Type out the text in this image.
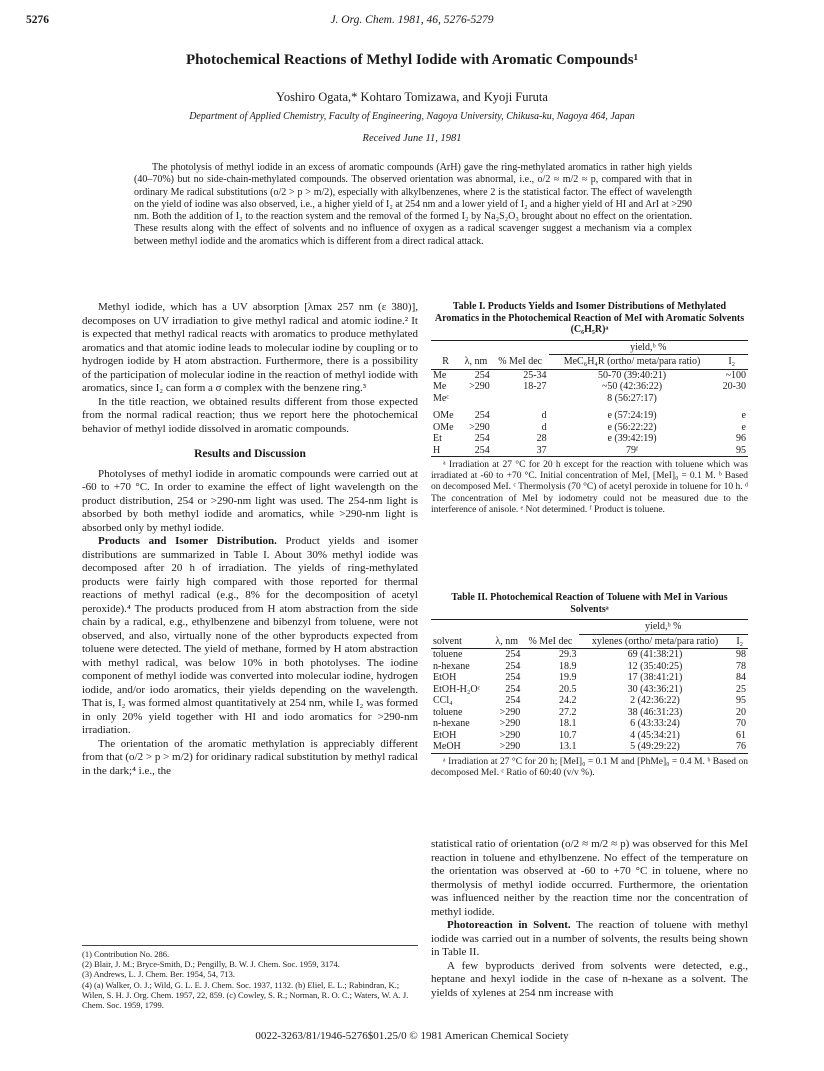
5276	J. Org. Chem. 1981, 46, 5276-5279
Photochemical Reactions of Methyl Iodide with Aromatic Compounds¹
Yoshiro Ogata,* Kohtaro Tomizawa, and Kyoji Furuta
Department of Applied Chemistry, Faculty of Engineering, Nagoya University, Chikusa-ku, Nagoya 464, Japan
Received June 11, 1981
The photolysis of methyl iodide in an excess of aromatic compounds (ArH) gave the ring-methylated aromatics in rather high yields (40–70%) but no side-chain-methylated compounds. The observed orientation was abnormal, i.e., o/2 ≈ m/2 ≈ p, compared with that in ordinary Me radical substitutions (o/2 > p > m/2), especially with alkylbenzenes, where 2 is the statistical factor. The effect of wavelength on the yield of iodine was also observed, i.e., a higher yield of I₂ at 254 nm and a lower yield of I₂ and a higher yield of HI and ArI at >290 nm. Both the addition of I₂ to the reaction system and the removal of the formed I₂ by Na₂S₂O₃ brought about no effect on the orientation. These results along with the effect of solvents and no influence of oxygen as a radical scavenger suggest a mechanism via a complex between methyl iodide and the aromatics which is different from a direct radical attack.

Methyl iodide, which has a UV absorption [λmax 257 nm (ε 380)], decomposes on UV irradiation to give methyl radical and atomic iodine.² It is expected that methyl radical reacts with aromatics to produce methylated aromatics and that atomic iodine leads to molecular iodine by coupling or to hydrogen iodide by H atom abstraction. Furthermore, there is a possibility of the participation of molecular iodine in the reaction of methyl iodide with aromatics, since I₂ can form a σ complex with the benzene ring.³

In the title reaction, we obtained results different from those expected from the normal radical reaction; thus we report here the photochemical behavior of methyl iodide dissolved in aromatic compounds.

Results and Discussion

Photolyses of methyl iodide in aromatic compounds were carried out at -60 to +70 °C. In order to examine the effect of light wavelength on the product distribution, 254 or >290-nm light was used. The 254-nm light is absorbed by both methyl iodide and aromatics, while >290-nm light is absorbed only by methyl iodide.

Products and Isomer Distribution. Product yields and isomer distributions are summarized in Table I. About 30% methyl iodide was decomposed after 20 h of irradiation. The yields of ring-methylated products were fairly high compared with those reported for thermal reactions of methyl radical (e.g., 8% for the decomposition of acetyl peroxide).⁴ The products produced from H atom abstraction from the side chain by a radical, e.g., ethylbenzene and bibenzyl from toluene, were not observed, and also, virtually none of the other byproducts expected from toluene were detected. The yield of methane, formed by H atom abstraction with methyl radical, was below 10% in both photolyses. The iodine component of methyl iodide was converted into molecular iodine, hydrogen iodide, and/or iodo aromatics, their yields depending on the wavelength. That is, I₂ was formed almost quantitatively at 254 nm, while I₂ was formed in only 20% yield together with HI and iodo aromatics for >290-nm irradiation.

The orientation of the aromatic methylation is appreciably different from that (o/2 > p > m/2) for oridinary radical substitution by methyl radical in the dark;⁴ i.e., the

(1) Contribution No. 286.
(2) Blair, J. M.; Bryce-Smith, D.; Pengilly, B. W. J. Chem. Soc. 1959, 3174.
(3) Andrews, L. J. Chem. Ber. 1954, 54, 713.
(4) (a) Walker, O. J.; Wild, G. L. E. J. Chem. Soc. 1937, 1132. (b) Eliel, E. L.; Rabindran, K.; Wilen, S. H. J. Org. Chem. 1957, 22, 859. (c) Cowley, S. R.; Norman, R. O. C.; Waters, W. A. J. Chem. Soc. 1959, 1799.
Table I. Products Yields and Isomer Distributions of Methylated Aromatics in the Photochemical Reaction of MeI with Aromatic Solvents (C₆H₅R)ᵃ
			yield,ᵇ %	
R	λ, nm	% MeI dec	MeC₆H₄R (ortho/ meta/para ratio)	I₂
Me	254	25-34	50-70 (39:40:21)	~100
Me	>290	18-27	~50 (42:36:22)	20-30
Meᶜ			8 (56:27:17)	
OMe	254	d	e (57:24:19)	e
OMe	>290	d	e (56:22:22)	e
Et	254	28	e (39:42:19)	96
H	254	37	79ᶠ	95
ᵃ Irradiation at 27 °C for 20 h except for the reaction with toluene which was irradiated at -60 to +70 °C. Initial concentration of MeI, [MeI]₀ = 0.1 M. ᵇ Based on decomposed MeI. ᶜ Thermolysis (70 °C) of acetyl peroxide in toluene for 10 h. ᵈ The concentration of MeI by iodometry could not be measured due to the interference of anisole. ᵉ Not determined. ᶠ Product is toluene.
Table II. Photochemical Reaction of Toluene with MeI in Various Solventsᵃ
			yield,ᵇ %	
solvent	λ, nm	% MeI dec	xylenes (ortho/ meta/para ratio)	I₂
toluene	254	29.3	69 (41:38:21)	98
n-hexane	254	18.9	12 (35:40:25)	78
EtOH	254	19.9	17 (38:41:21)	84
EtOH-H₂Oᶜ	254	20.5	30 (43:36:21)	25
CCl₄	254	24.2	2 (42:36:22)	95
toluene	>290	27.2	38 (46:31:23)	20
n-hexane	>290	18.1	6 (43:33:24)	70
EtOH	>290	10.7	4 (45:34:21)	61
MeOH	>290	13.1	5 (49:29:22)	76
ᵃ Irradiation at 27 °C for 20 h; [MeI]₀ = 0.1 M and [PhMe]₀ = 0.4 M. ᵇ Based on decomposed MeI. ᶜ Ratio of 60:40 (v/v %).

statistical ratio of orientation (o/2 ≈ m/2 ≈ p) was observed for this MeI reaction in toluene and ethylbenzene. No effect of the temperature on the orientation was observed at -60 to +70 °C in toluene, where no thermolysis of methyl iodide occurred. Furthermore, the orientation was influenced neither by the reaction time nor the concentration of methyl iodide.

Photoreaction in Solvent. The reaction of toluene with methyl iodide was carried out in a number of solvents, the results being shown in Table II.

A few byproducts derived from solvents were detected, e.g., heptane and hexyl iodide in the case of n-hexane as a solvent. The yields of xylenes at 254 nm increase with

0022-3263/81/1946-5276$01.25/0 © 1981 American Chemical Society
